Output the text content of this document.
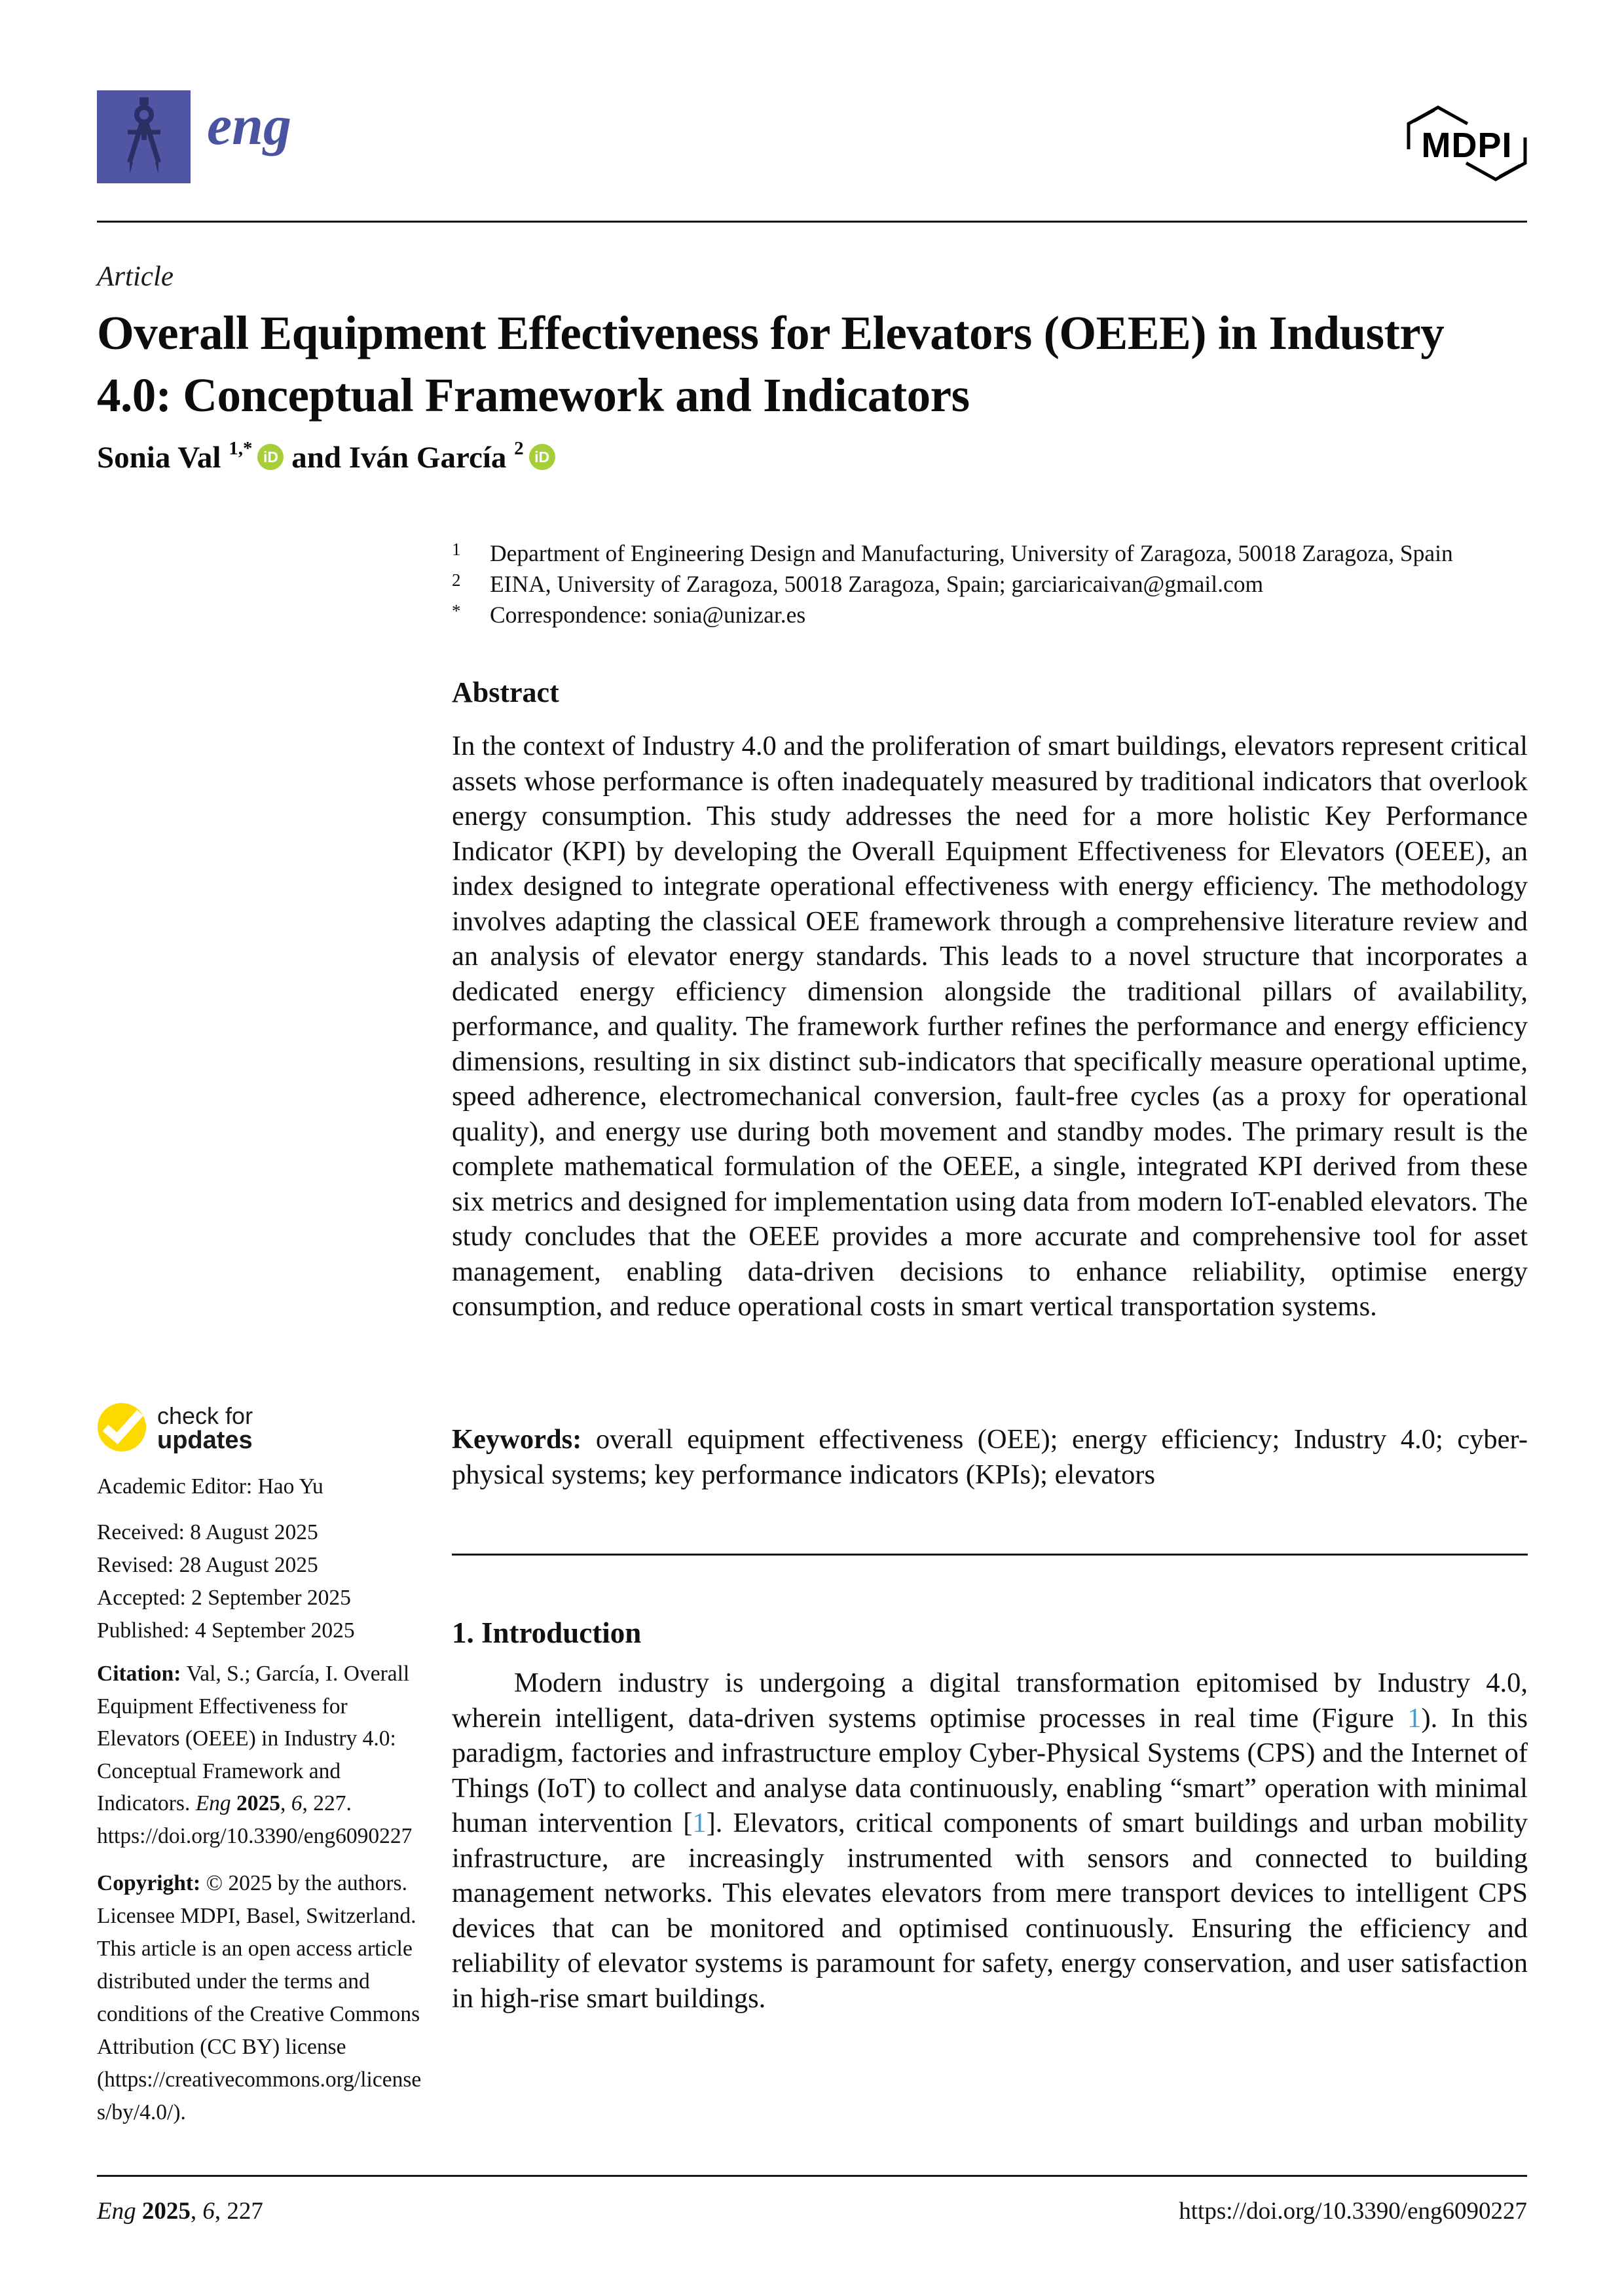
eng	MDPI
Article
Overall Equipment Effectiveness for Elevators (OEEE) in Industry 4.0: Conceptual Framework and Indicators
Sonia Val $^{1,*}$ iD and Iván García $^2$ iD
1	Department of Engineering Design and Manufacturing, University of Zaragoza, 50018 Zaragoza, Spain
2	EINA, University of Zaragoza, 50018 Zaragoza, Spain; garciaricaivan@gmail.com
*	Correspondence: sonia@unizar.es
Abstract

In the context of Industry 4.0 and the proliferation of smart buildings, elevators represent critical assets whose performance is often inadequately measured by traditional indicators that overlook energy consumption. This study addresses the need for a more holistic Key Performance Indicator (KPI) by developing the Overall Equipment Effectiveness for Elevators (OEEE), an index designed to integrate operational effectiveness with energy efficiency. The methodology involves adapting the classical OEE framework through a comprehensive literature review and an analysis of elevator energy standards. This leads to a novel structure that incorporates a dedicated energy efficiency dimension alongside the traditional pillars of availability, performance, and quality. The framework further refines the performance and energy efficiency dimensions, resulting in six distinct sub-indicators that specifically measure operational uptime, speed adherence, electromechanical conversion, fault-free cycles (as a proxy for operational quality), and energy use during both movement and standby modes. The primary result is the complete mathematical formulation of the OEEE, a single, integrated KPI derived from these six metrics and designed for implementation using data from modern IoT-enabled elevators. The study concludes that the OEEE provides a more accurate and comprehensive tool for asset management, enabling data-driven decisions to enhance reliability, optimise energy consumption, and reduce operational costs in smart vertical transportation systems.

Keywords: overall equipment effectiveness (OEE); energy efficiency; Industry 4.0; cyber-physical systems; key performance indicators (KPIs); elevators
1. Introduction
Modern industry is undergoing a digital transformation epitomised by Industry 4.0, wherein intelligent, data-driven systems optimise processes in real time (Figure 1). In this paradigm, factories and infrastructure employ Cyber-Physical Systems (CPS) and the Internet of Things (IoT) to collect and analyse data continuously, enabling “smart” operation with minimal human intervention [1]. Elevators, critical components of smart buildings and urban mobility infrastructure, are increasingly instrumented with sensors and connected to building management networks. This elevates elevators from mere transport devices to intelligent CPS devices that can be monitored and optimised continuously. Ensuring the efficiency and reliability of elevator systems is paramount for safety, energy conservation, and user satisfaction in high-rise smart buildings.
check for
updates
Academic Editor: Hao Yu
Received: 8 August 2025
Revised: 28 August 2025
Accepted: 2 September 2025
Published: 4 September 2025
Citation: Val, S.; García, I. Overall Equipment Effectiveness for Elevators (OEEE) in Industry 4.0: Conceptual Framework and Indicators. Eng 2025, 6, 227. https://doi.org/10.3390/eng6090227
Copyright: © 2025 by the authors. Licensee MDPI, Basel, Switzerland. This article is an open access article distributed under the terms and conditions of the Creative Commons Attribution (CC BY) license (https://creativecommons.org/licenses/by/4.0/).
Eng 2025, 6, 227	https://doi.org/10.3390/eng6090227
